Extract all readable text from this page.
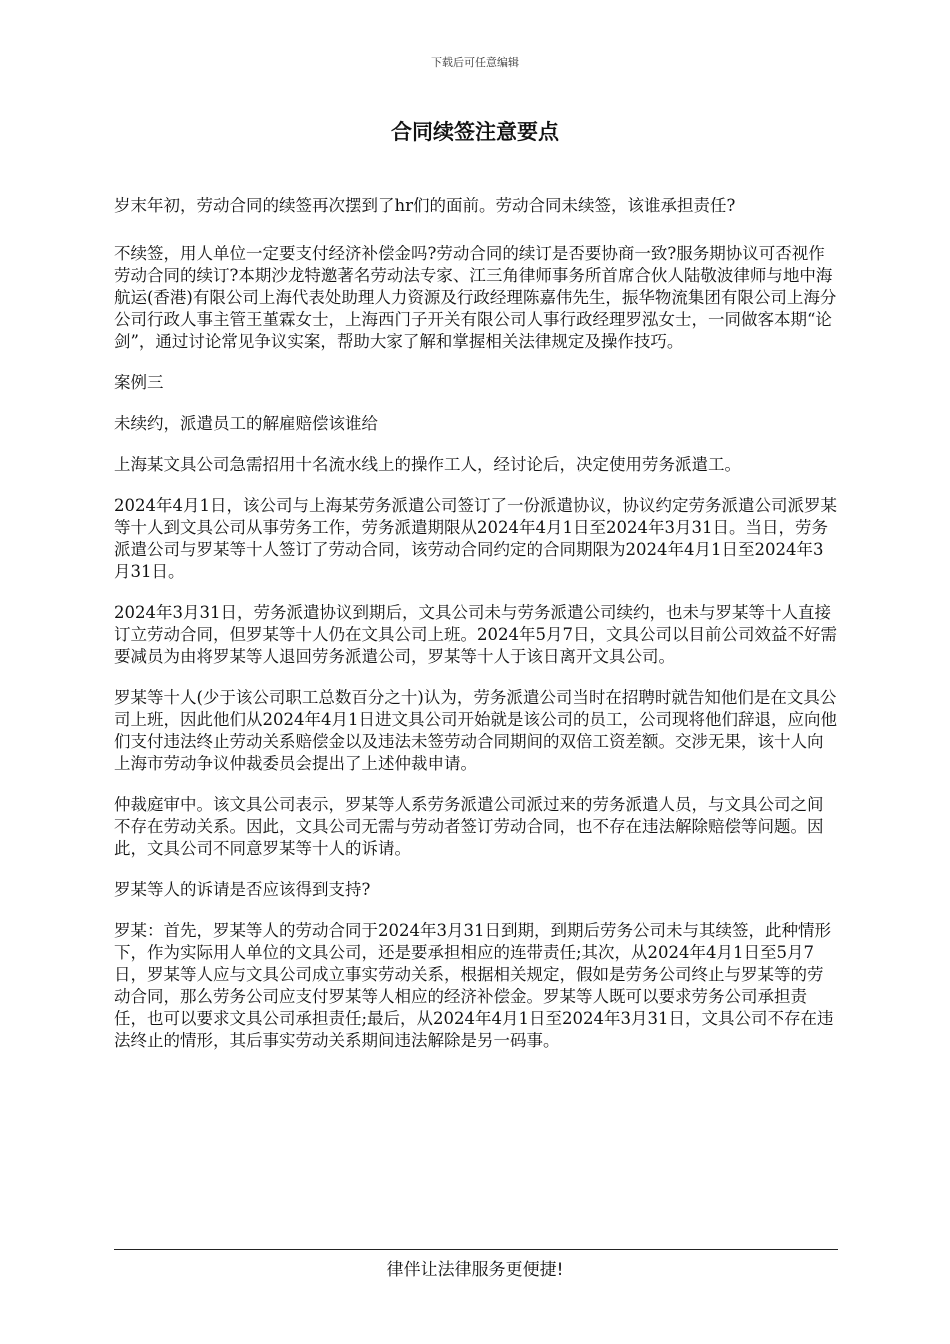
下载后可任意编辑
合同续签注意要点

岁末年初，劳动合同的续签再次摆到了hr们的面前。劳动合同未续签，该谁承担责任?

不续签，用人单位一定要支付经济补偿金吗?劳动合同的续订是否要协商一致?服务期协议可否视作劳动合同的续订?本期沙龙特邀著名劳动法专家、江三角律师事务所首席合伙人陆敬波律师与地中海航运(香港)有限公司上海代表处助理人力资源及行政经理陈嘉伟先生，振华物流集团有限公司上海分公司行政人事主管王堇霖女士，上海西门子开关有限公司人事行政经理罗泓女士，一同做客本期“论剑”，通过讨论常见争议实案，帮助大家了解和掌握相关法律规定及操作技巧。

案例三

未续约，派遣员工的解雇赔偿该谁给

上海某文具公司急需招用十名流水线上的操作工人，经讨论后，决定使用劳务派遣工。

2024年4月1日，该公司与上海某劳务派遣公司签订了一份派遣协议，协议约定劳务派遣公司派罗某等十人到文具公司从事劳务工作，劳务派遣期限从2024年4月1日至2024年3月31日。当日，劳务派遣公司与罗某等十人签订了劳动合同，该劳动合同约定的合同期限为2024年4月1日至2024年3月31日。

2024年3月31日，劳务派遣协议到期后，文具公司未与劳务派遣公司续约，也未与罗某等十人直接订立劳动合同，但罗某等十人仍在文具公司上班。2024年5月7日，文具公司以目前公司效益不好需要减员为由将罗某等人退回劳务派遣公司，罗某等十人于该日离开文具公司。

罗某等十人(少于该公司职工总数百分之十)认为，劳务派遣公司当时在招聘时就告知他们是在文具公司上班，因此他们从2024年4月1日进文具公司开始就是该公司的员工，公司现将他们辞退，应向他们支付违法终止劳动关系赔偿金以及违法未签劳动合同期间的双倍工资差额。交涉无果，该十人向上海市劳动争议仲裁委员会提出了上述仲裁申请。

仲裁庭审中。该文具公司表示，罗某等人系劳务派遣公司派过来的劳务派遣人员，与文具公司之间不存在劳动关系。因此，文具公司无需与劳动者签订劳动合同，也不存在违法解除赔偿等问题。因此，文具公司不同意罗某等十人的诉请。

罗某等人的诉请是否应该得到支持?

罗某：首先，罗某等人的劳动合同于2024年3月31日到期，到期后劳务公司未与其续签，此种情形下，作为实际用人单位的文具公司，还是要承担相应的连带责任;其次，从2024年4月1日至5月7日，罗某等人应与文具公司成立事实劳动关系，根据相关规定，假如是劳务公司终止与罗某等的劳动合同，那么劳务公司应支付罗某等人相应的经济补偿金。罗某等人既可以要求劳务公司承担责任，也可以要求文具公司承担责任;最后，从2024年4月1日至2024年3月31日，文具公司不存在违法终止的情形，其后事实劳动关系期间违法解除是另一码事。

律伴让法律服务更便捷!
